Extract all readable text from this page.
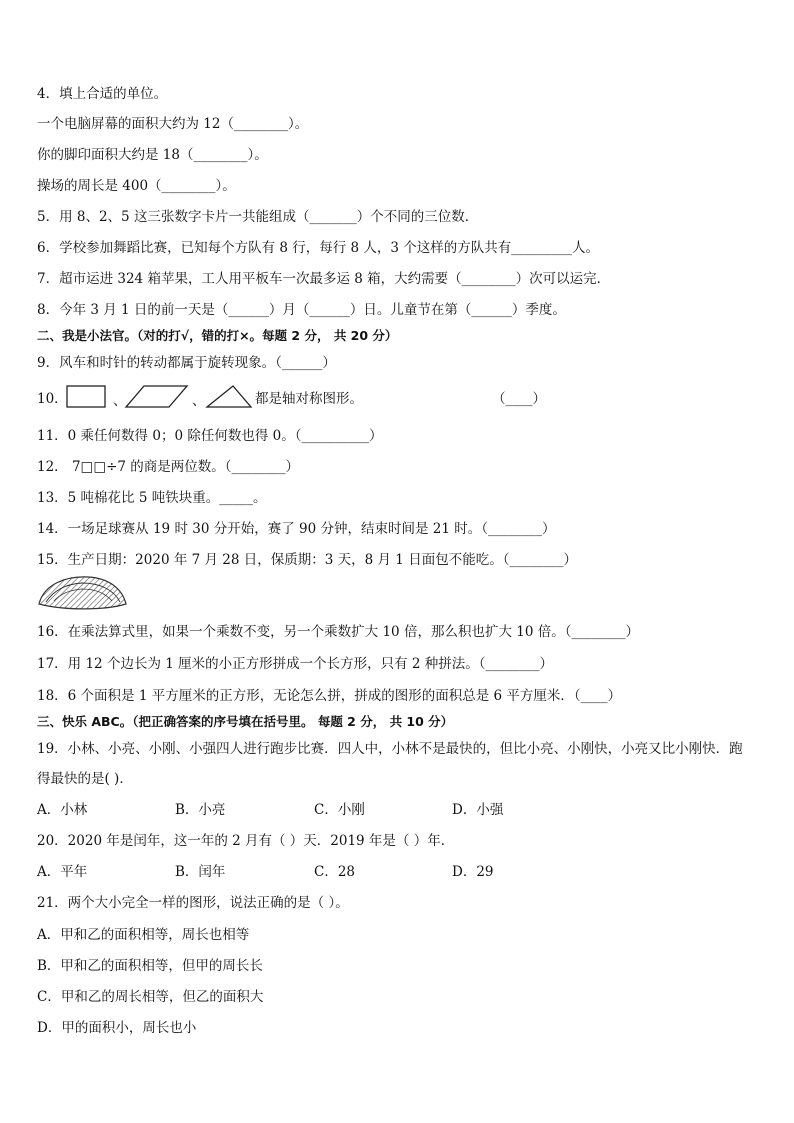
4．填上合适的单位。
一个电脑屏幕的面积大约为 12（________）。
你的脚印面积大约是 18（________）。
操场的周长是 400（________）。
5．用 8、2、5 这三张数字卡片一共能组成（_______）个不同的三位数．
6．学校参加舞蹈比赛，已知每个方队有 8 行，每行 8 人，3 个这样的方队共有_________人。
7．超市运进 324 箱苹果，工人用平板车一次最多运 8 箱，大约需要（________）次可以运完．
8．今年 3 月 1 日的前一天是（______）月（______）日。儿童节在第（______）季度。
二、我是小法官。（对的打√，错的打×。每题 2 分， 共 20 分）
9．风车和时针的转动都属于旋转现象。（______）
10．	、	、	都是轴对称图形。	（____）
11．0 乘任何数得 0；0 除任何数也得 0。（__________）
12． 7□□÷7 的商是两位数。（________）
13．5 吨棉花比 5 吨铁块重。_____。
14．一场足球赛从 19 时 30 分开始，赛了 90 分钟，结束时间是 21 时。（________）
15．生产日期：2020 年 7 月 28 日，保质期：3 天，8 月 1 日面包不能吃。（________）
16．在乘法算式里，如果一个乘数不变，另一个乘数扩大 10 倍，那么积也扩大 10 倍。（________）
17．用 12 个边长为 1 厘米的小正方形拼成一个长方形，只有 2 种拼法。（________）
18．6 个面积是 1 平方厘米的正方形，无论怎么拼，拼成的图形的面积总是 6 平方厘米．（____）
三、快乐 ABC。（把正确答案的序号填在括号里。 每题 2 分， 共 10 分）
19．小林、小亮、小刚、小强四人进行跑步比赛．四人中，小林不是最快的，但比小亮、小刚快，小亮又比小刚快．跑
得最快的是( )．
A．小林	B．小亮	C．小刚	D．小强
20．2020 年是闰年，这一年的 2 月有（ ）天．2019 年是（ ）年．
A．平年	B．闰年	C．28	D．29
21．两个大小完全一样的图形，说法正确的是（ ）。
A．甲和乙的面积相等，周长也相等
B．甲和乙的面积相等，但甲的周长长
C．甲和乙的周长相等，但乙的面积大
D．甲的面积小，周长也小
